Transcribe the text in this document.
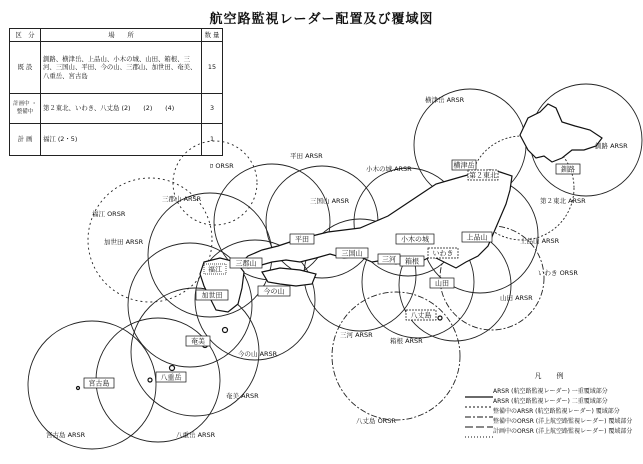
航空路監視レーダー配置及び覆域図
区　分	場　　所	数 量
既 設	釧路、横津岳、上品山、小木の城、山田、箱根、三河、三国山、平田、今の山、三郡山、加世田、奄美、八重岳、宮古島	15
計画中 ・ 整備中	第２東北、いわき、八丈島 (2)　　(2)　　(4)	3
計 画	福江 (2・5)	1
釧路
横津岳
第２東北
小木の城	上品山
いわき
山田
平田
三国山
箱根
三河
八丈島
三郡山
今の山
福江
加世田
奄美
八重岳
宮古島
釧路 ARSR
横津岳 ARSR
第２東北 ARSR
小木の城 ARSR
上品山 ARSR
いわき ORSR
山田 ARSR
平田 ARSR
三国山 ARSR
箱根 ARSR
三河 ARSR
八丈島 ORSR
三郡山 ARSR
今の山 ARSR
福江 ORSR
加世田 ARSR
奄美 ARSR
八重岳 ARSR
宮古島 ARSR
ﾛ ORSR
凡　例
ARSR (航空路監視レーダー) 一重覆域部分
ARSR (航空路監視レーダー) 二重覆域部分
整備中のARSR (航空路監視レーダー) 覆域部分
整備中のORSR (洋上航空路監視レーダー) 覆域部分
計画中のORSR (洋上航空路監視レーダー) 覆域部分
